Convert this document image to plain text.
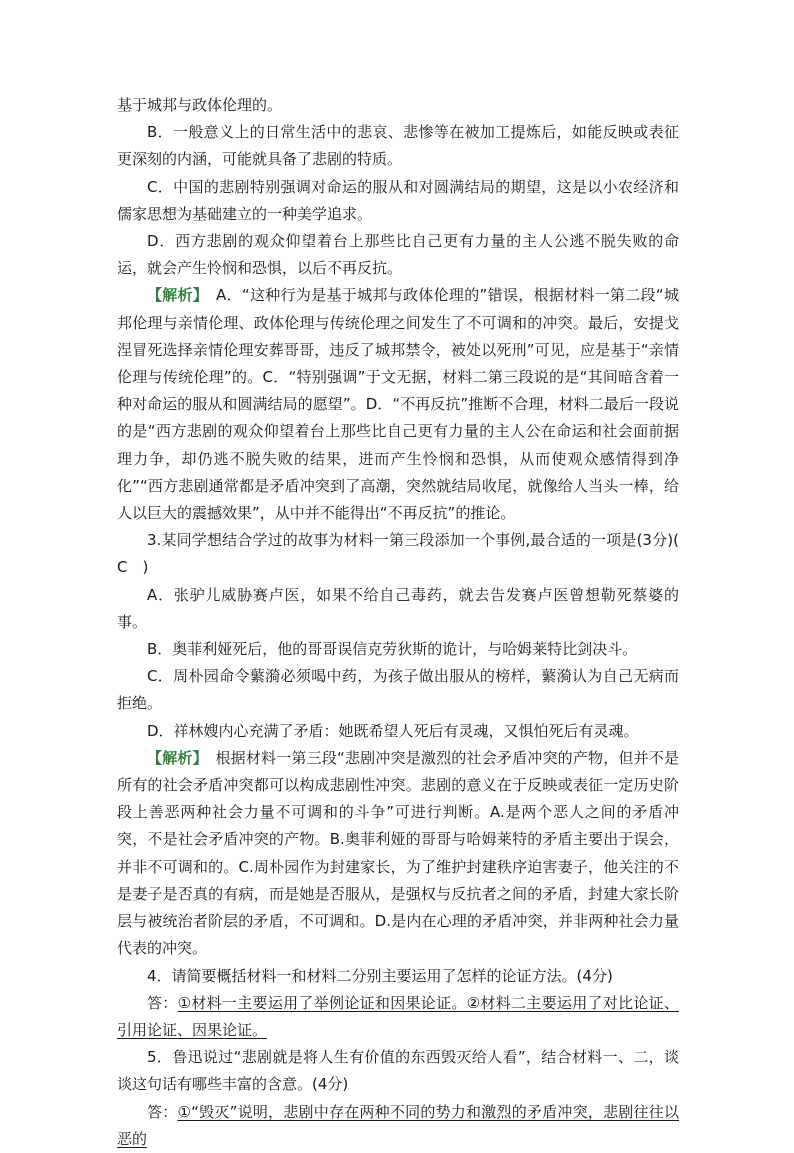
基于城邦与政体伦理的。

B．一般意义上的日常生活中的悲哀、悲惨等在被加工提炼后，如能反映或表征更深刻的内涵，可能就具备了悲剧的特质。

C．中国的悲剧特别强调对命运的服从和对圆满结局的期望，这是以小农经济和儒家思想为基础建立的一种美学追求。

D．西方悲剧的观众仰望着台上那些比自己更有力量的主人公逃不脱失败的命运，就会产生怜悯和恐惧，以后不再反抗。

【解析】　A．“这种行为是基于城邦与政体伦理的”错误，根据材料一第二段“城邦伦理与亲情伦理、政体伦理与传统伦理之间发生了不可调和的冲突。最后，安提戈涅冒死选择亲情伦理安葬哥哥，违反了城邦禁令，被处以死刑”可见，应是基于“亲情伦理与传统伦理”的。C．“特别强调”于文无据，材料二第三段说的是“其间暗含着一种对命运的服从和圆满结局的愿望”。D．“不再反抗”推断不合理，材料二最后一段说的是“西方悲剧的观众仰望着台上那些比自己更有力量的主人公在命运和社会面前据理力争，却仍逃不脱失败的结果，进而产生怜悯和恐惧，从而使观众感情得到净化”“西方悲剧通常都是矛盾冲突到了高潮，突然就结局收尾，就像给人当头一棒，给人以巨大的震撼效果”，从中并不能得出“不再反抗”的推论。

3.某同学想结合学过的故事为材料一第三段添加一个事例,最合适的一项是(3分)(　C　)

A．张驴儿威胁赛卢医，如果不给自己毒药，就去告发赛卢医曾想勒死蔡婆的事。

B．奥菲利娅死后，他的哥哥误信克劳狄斯的诡计，与哈姆莱特比剑决斗。

C．周朴园命令蘩漪必须喝中药，为孩子做出服从的榜样，蘩漪认为自己无病而拒绝。

D．祥林嫂内心充满了矛盾：她既希望人死后有灵魂，又惧怕死后有灵魂。

【解析】　根据材料一第三段“悲剧冲突是激烈的社会矛盾冲突的产物，但并不是所有的社会矛盾冲突都可以构成悲剧性冲突。悲剧的意义在于反映或表征一定历史阶段上善恶两种社会力量不可调和的斗争”可进行判断。A.是两个恶人之间的矛盾冲突，不是社会矛盾冲突的产物。B.奥菲利娅的哥哥与哈姆莱特的矛盾主要出于误会，并非不可调和的。C.周朴园作为封建家长，为了维护封建秩序迫害妻子，他关注的不是妻子是否真的有病，而是她是否服从，是强权与反抗者之间的矛盾，封建大家长阶层与被统治者阶层的矛盾，不可调和。D.是内在心理的矛盾冲突，并非两种社会力量代表的冲突。

4．请简要概括材料一和材料二分别主要运用了怎样的论证方法。(4分)

答：①材料一主要运用了举例论证和因果论证。②材料二主要运用了对比论证、引用论证、因果论证。

5．鲁迅说过“悲剧就是将人生有价值的东西毁灭给人看”，结合材料一、二，谈谈这句话有哪些丰富的含意。(4分)

答：①“毁灭”说明，悲剧中存在两种不同的势力和激烈的矛盾冲突，悲剧往往以恶的
